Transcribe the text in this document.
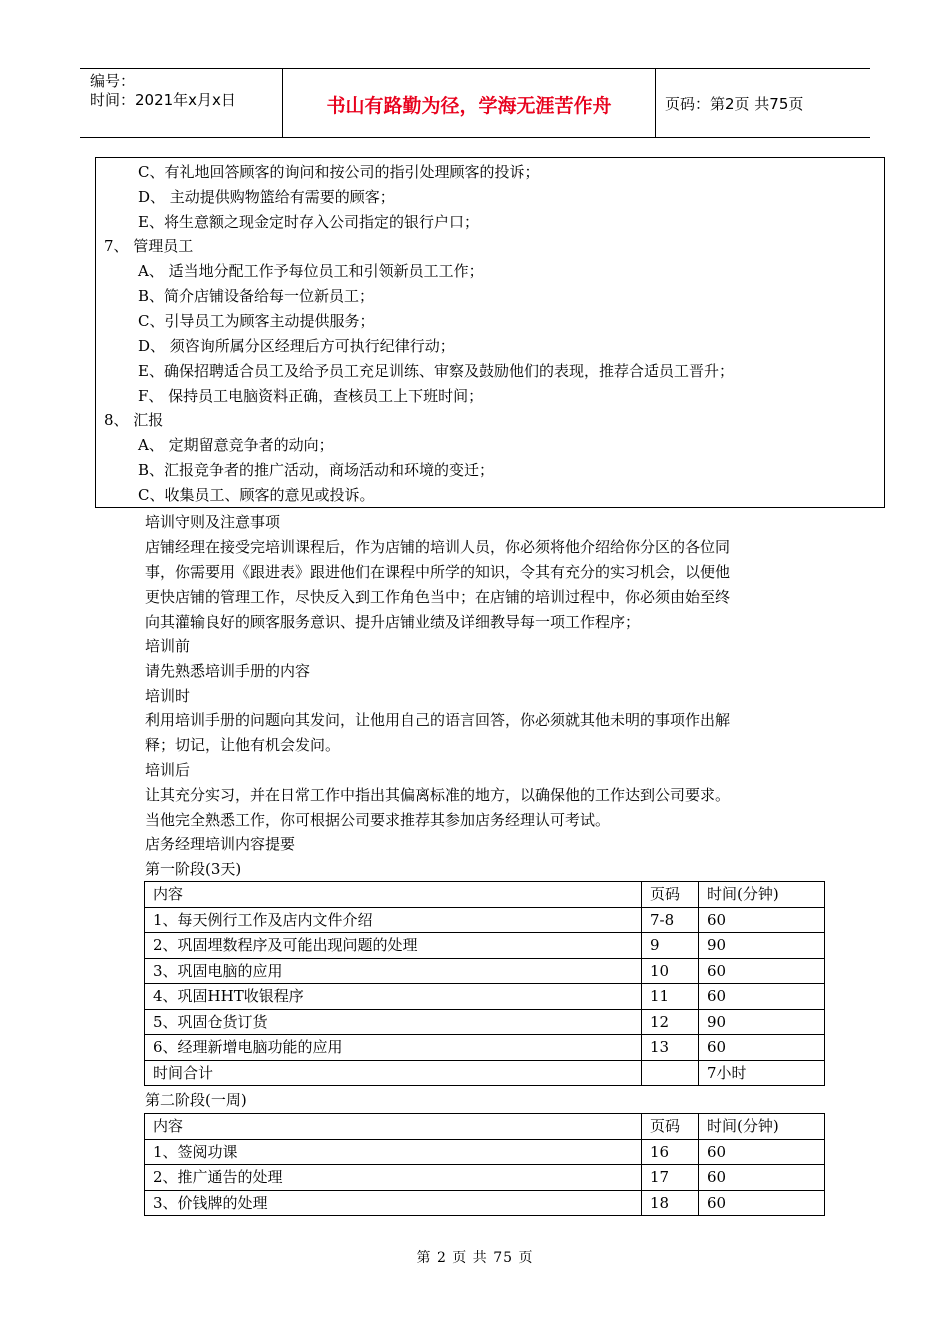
编号：
时间：2021年x月x日	书山有路勤为径，学海无涯苦作舟	页码：第2页 共75页
C、有礼地回答顾客的询问和按公司的指引处理顾客的投诉；
D、 主动提供购物篮给有需要的顾客；
E、将生意额之现金定时存入公司指定的银行户口；
7、 管理员工
A、 适当地分配工作予每位员工和引领新员工工作；
B、简介店铺设备给每一位新员工；
C、引导员工为顾客主动提供服务；
D、 须咨询所属分区经理后方可执行纪律行动；
E、确保招聘适合员工及给予员工充足训练、审察及鼓励他们的表现，推荐合适员工晋升；
F、 保持员工电脑资料正确，查核员工上下班时间；
8、 汇报
A、 定期留意竞争者的动向；
B、汇报竞争者的推广活动，商场活动和环境的变迁；
C、收集员工、顾客的意见或投诉。
培训守则及注意事项
店铺经理在接受完培训课程后，作为店铺的培训人员，你必须将他介绍给你分区的各位同
事，你需要用《跟进表》跟进他们在课程中所学的知识，令其有充分的实习机会，以便他
更快店铺的管理工作，尽快反入到工作角色当中；在店铺的培训过程中，你必须由始至终
向其灌输良好的顾客服务意识、提升店铺业绩及详细教导每一项工作程序；
培训前
请先熟悉培训手册的内容
培训时
利用培训手册的问题向其发问，让他用自己的语言回答，你必须就其他未明的事项作出解
释；切记，让他有机会发问。
培训后
让其充分实习，并在日常工作中指出其偏离标准的地方，以确保他的工作达到公司要求。
当他完全熟悉工作，你可根据公司要求推荐其参加店务经理认可考试。
店务经理培训内容提要
第一阶段(3天)
内容	页码	时间(分钟)
1、每天例行工作及店内文件介绍	7-8	60
2、巩固埋数程序及可能出现问题的处理	9	90
3、巩固电脑的应用	10	60
4、巩固HHT收银程序	11	60
5、巩固仓货订货	12	90
6、经理新增电脑功能的应用	13	60
时间合计		7小时
第二阶段(一周)
内容	页码	时间(分钟)
1、签阅功课	16	60
2、推广通告的处理	17	60
3、价钱牌的处理	18	60
第 2 页 共 75 页
